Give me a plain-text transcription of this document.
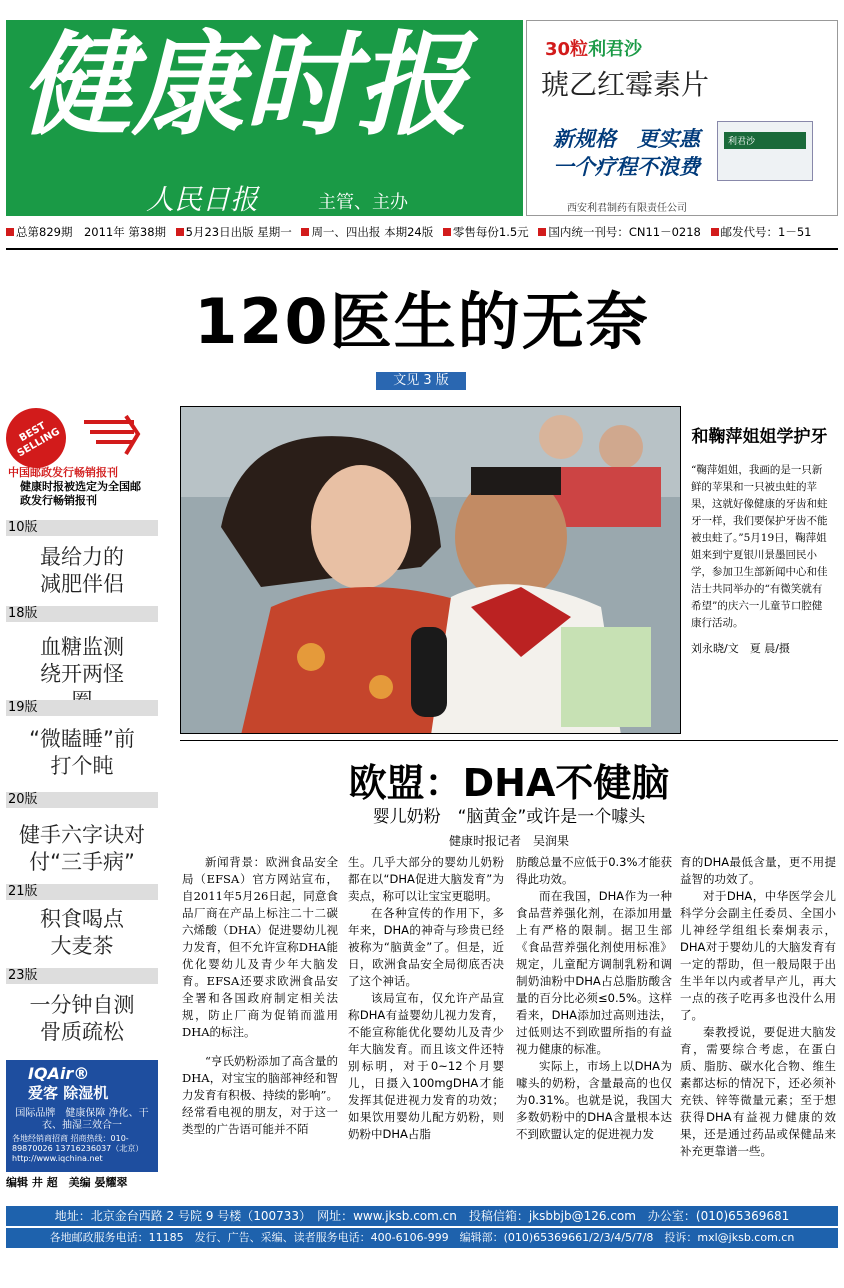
健康时报
人民日报	主管、主办
30粒利君沙
琥乙红霉素片
新规格　更实惠
一个疗程不浪费
利君沙
西安利君制药有限责任公司
总第829期　2011年 第38期 5月23日出版 星期一 周一、四出报 本期24版 零售每份1.5元 国内统一刊号：CN11－0218 邮发代号：1－51
120医生的无奈
文见 3 版
BEST SELLING
中国邮政发行畅销报刊
健康时报被选定为全国邮政发行畅销报刊
10版
最给力的减肥伴侣
18版
血糖监测绕开两怪
19版
“微瞌睡”前打个盹
20版
健手六字诀对付“三手病”
21版
积食喝点大麦茶
23版
一分钟自测骨质疏松
IQAir®
爱客 除湿机
国际品牌　健康保障 净化、干衣、抽湿三效合一
各地经销商招商 招商热线：010-89870026 13716236037（北京） http://www.iqchina.net
编辑 井 超　美编 晏耀翠
和鞠萍姐姐学护牙
“鞠萍姐姐，我画的是一只新鲜的苹果和一只被虫蛀的苹果，这就好像健康的牙齿和蛀牙一样，我们要保护牙齿不能被虫蛀了。”5月19日，鞠萍姐姐来到宁夏银川景墨回民小学，参加卫生部新闻中心和佳洁士共同举办的“有微笑就有希望”的庆六一儿童节口腔健康行活动。
刘永晓/文　夏 晨/摄
欧盟：DHA不健脑
婴儿奶粉　“脑黄金”或许是一个噱头
健康时报记者　吴润果

新闻背景：欧洲食品安全局（EFSA）官方网站宣布，自2011年5月26日起，同意食品厂商在产品上标注二十二碳六烯酸（DHA）促进婴幼儿视力发育，但不允许宣称DHA能优化婴幼儿及青少年大脑发育。EFSA还要求欧洲食品安全署和各国政府制定相关法规，防止厂商为促销而滥用DHA的标注。

“亨氏奶粉添加了高含量的DHA，对宝宝的脑部神经和智力发育有积极、持续的影响”。经常看电视的朋友，对于这一类型的广告语可能并不陌

生。几乎大部分的婴幼儿奶粉都在以“DHA促进大脑发育”为卖点，称可以让宝宝更聪明。

在各种宣传的作用下，多年来，DHA的神奇与珍贵已经被称为“脑黄金”了。但是，近日，欧洲食品安全局彻底否决了这个神话。

该局宣布，仅允许产品宣称DHA有益婴幼儿视力发育，不能宣称能优化婴幼儿及青少年大脑发育。而且该文件还特别标明，对于0~12个月婴儿，日摄入100mgDHA才能发挥其促进视力发育的功效；如果饮用婴幼儿配方奶粉，则奶粉中DHA占脂

肪酸总量不应低于0.3%才能获得此功效。

而在我国，DHA作为一种食品营养强化剂，在添加用量上有严格的限制。据卫生部《食品营养强化剂使用标准》规定，儿童配方调制乳粉和调制奶油粉中DHA占总脂肪酸含量的百分比必须≤0.5%。这样看来，DHA添加过高则违法，过低则达不到欧盟所指的有益视力健康的标准。

实际上，市场上以DHA为噱头的奶粉，含量最高的也仅为0.31%。也就是说，我国大多数奶粉中的DHA含量根本达不到欧盟认定的促进视力发

育的DHA最低含量，更不用提益智的功效了。

对于DHA，中华医学会儿科学分会副主任委员、全国小儿神经学组组长秦炯表示，DHA对于婴幼儿的大脑发育有一定的帮助，但一般局限于出生半年以内或者早产儿，再大一点的孩子吃再多也没什么用了。

秦教授说，要促进大脑发育，需要综合考虑，在蛋白质、脂肪、碳水化合物、维生素都达标的情况下，还必须补充铁、锌等微量元素；至于想获得DHA有益视力健康的效果，还是通过药品或保健品来补充更靠谱一些。

地址：北京金台西路 2 号院 9 号楼（100733）　网址：www.jksb.com.cn　投稿信箱：jksbbjb@126.com　办公室：(010)65369681
各地邮政服务电话：11185　发行、广告、采编、读者服务电话：400-6106-999　编辑部：(010)65369661/2/3/4/5/7/8　投诉：mxl@jksb.com.cn
